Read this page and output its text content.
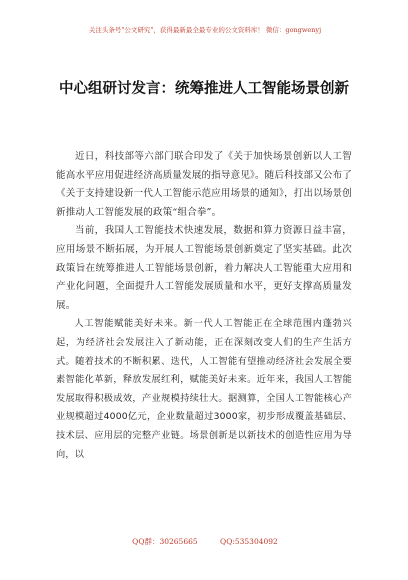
关注头条号"公文研究"，获得最新最全最专业的公文资料库！ 微信：gongwenyj
中心组研讨发言：统筹推进人工智能场景创新

近日，科技部等六部门联合印发了《关于加快场景创新以人工智能高水平应用促进经济高质量发展的指导意见》。随后科技部又公布了《关于支持建设新一代人工智能示范应用场景的通知》，打出以场景创新推动人工智能发展的政策“组合拳”。

当前，我国人工智能技术快速发展，数据和算力资源日益丰富，应用场景不断拓展，为开展人工智能场景创新奠定了坚实基础。此次政策旨在统筹推进人工智能场景创新，着力解决人工智能重大应用和产业化问题，全面提升人工智能发展质量和水平，更好支撑高质量发展。

人工智能赋能美好未来。新一代人工智能正在全球范围内蓬勃兴起，为经济社会发展注入了新动能，正在深刻改变人们的生产生活方式。随着技术的不断积累、迭代，人工智能有望推动经济社会发展全要素智能化革新，释放发展红利，赋能美好未来。近年来，我国人工智能发展取得积极成效，产业规模持续壮大。据测算，全国人工智能核心产业规模超过4000亿元，企业数量超过3000家，初步形成覆盖基础层、技术层、应用层的完整产业链。场景创新是以新技术的创造性应用为导向，以

QQ群：30265665	QQ:535304092
